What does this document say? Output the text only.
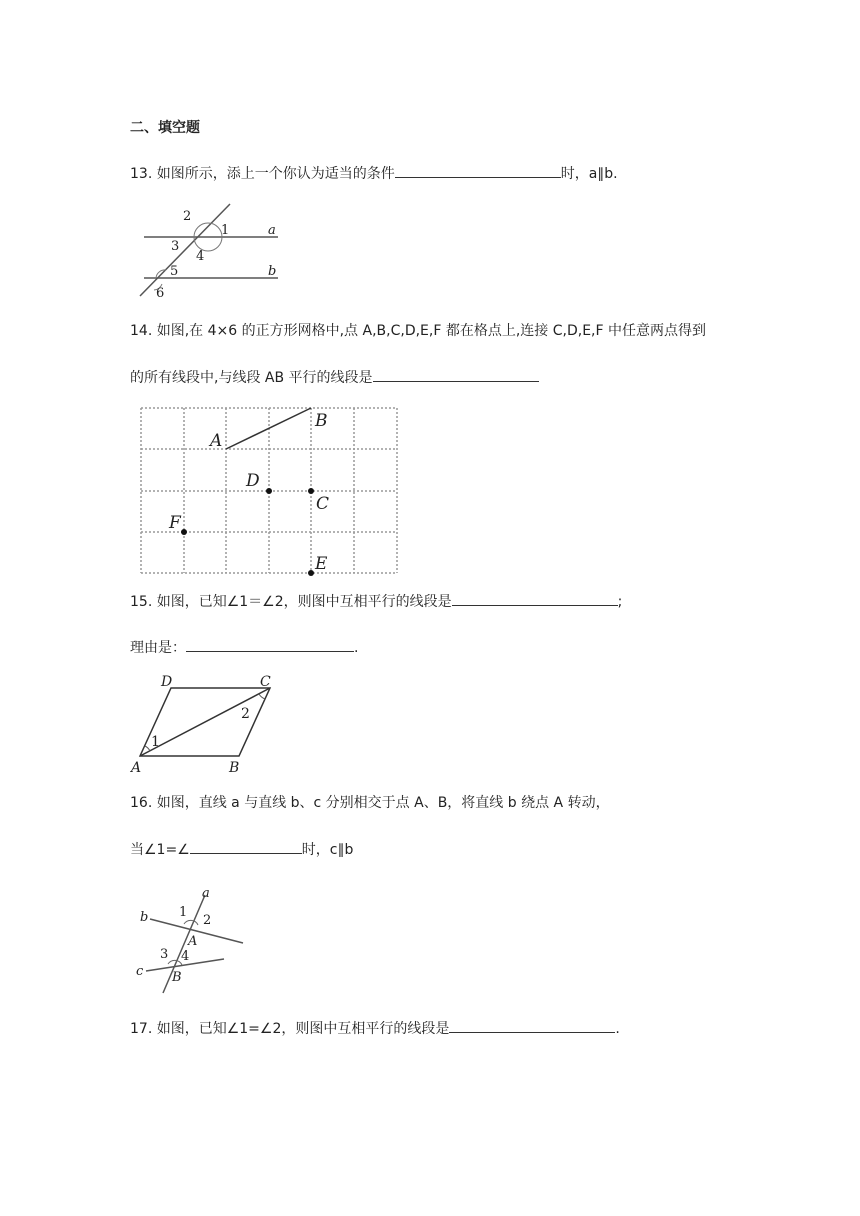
二、填空题
13. 如图所示，添上一个你认为适当的条件	时，a∥b.
2
1
3
4
5
6
a
b
14. 如图,在 4×6 的正方形网格中,点 A,B,C,D,E,F 都在格点上,连接 C,D,E,F 中任意两点得到
的所有线段中,与线段 AB 平行的线段是
A
B
C
D
E
F
15. 如图，已知∠1＝∠2，则图中互相平行的线段是	;
理由是：	.
A	B
C
D
1
2
16. 如图，直线 a 与直线 b、c 分别相交于点 A、B，将直线 b 绕点 A 转动，
当∠1=∠	时，c∥b
a
b
c
A
B
1
2
3 4
17. 如图，已知∠1=∠2，则图中互相平行的线段是	.
